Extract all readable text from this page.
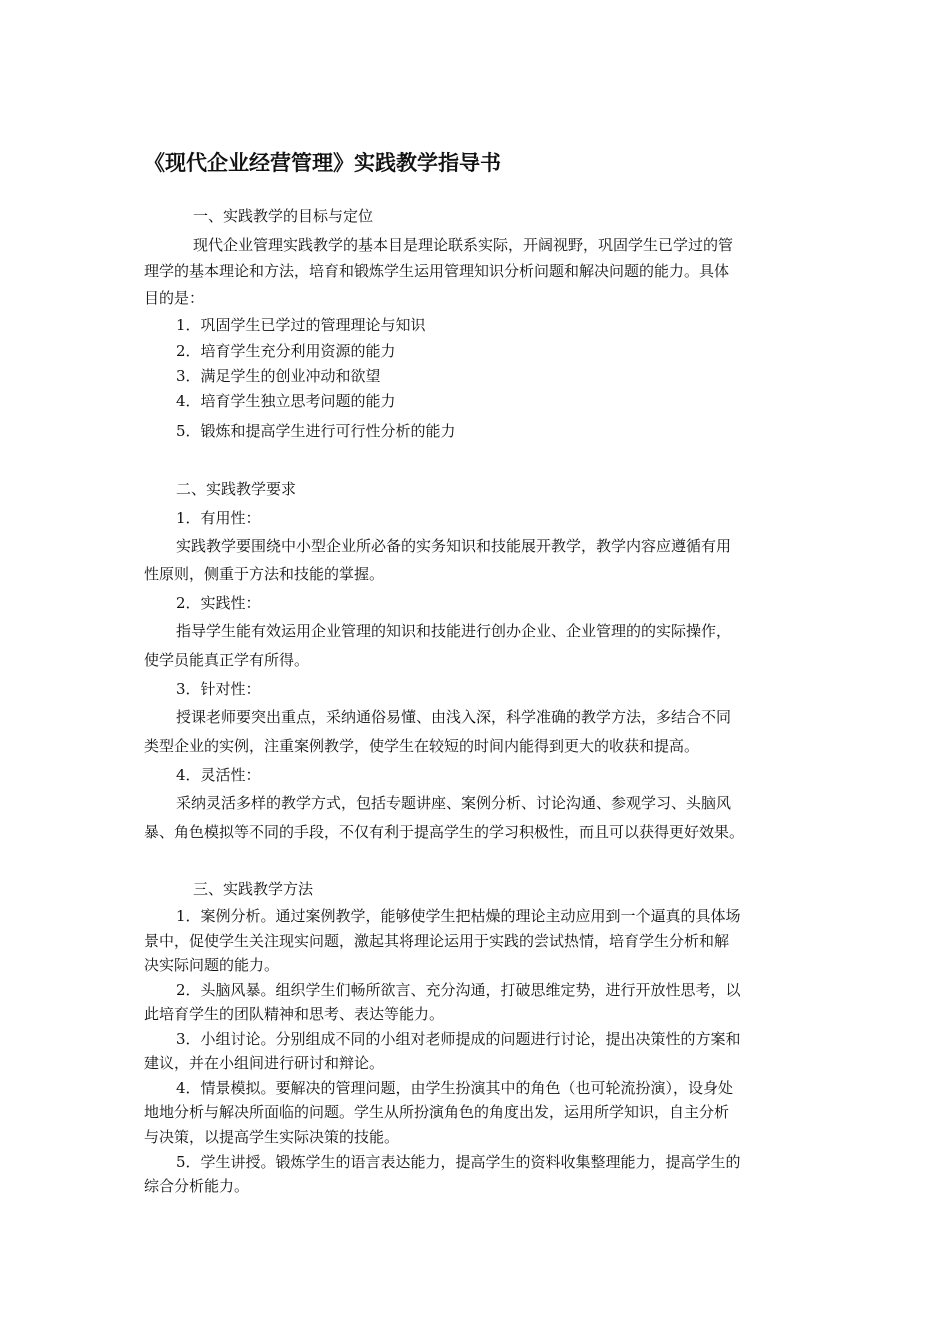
《现代企业经营管理》实践教学指导书
一、实践教学的目标与定位
现代企业管理实践教学的基本目是理论联系实际，开阔视野，巩固学生已学过的管
理学的基本理论和方法，培育和锻炼学生运用管理知识分析问题和解决问题的能力。具体
目的是：
1．巩固学生已学过的管理理论与知识
2．培育学生充分利用资源的能力
3．满足学生的创业冲动和欲望
4．培育学生独立思考问题的能力
5．锻炼和提高学生进行可行性分析的能力
二、实践教学要求
1．有用性：
实践教学要围绕中小型企业所必备的实务知识和技能展开教学，教学内容应遵循有用
性原则，侧重于方法和技能的掌握。
2．实践性：
指导学生能有效运用企业管理的知识和技能进行创办企业、企业管理的的实际操作，
使学员能真正学有所得。
3．针对性：
授课老师要突出重点，采纳通俗易懂、由浅入深，科学准确的教学方法，多结合不同
类型企业的实例，注重案例教学，使学生在较短的时间内能得到更大的收获和提高。
4．灵活性：
采纳灵活多样的教学方式，包括专题讲座、案例分析、讨论沟通、参观学习、头脑风
暴、角色模拟等不同的手段，不仅有利于提高学生的学习积极性，而且可以获得更好效果。
三、实践教学方法
1．案例分析。通过案例教学，能够使学生把枯燥的理论主动应用到一个逼真的具体场
景中，促使学生关注现实问题，激起其将理论运用于实践的尝试热情，培育学生分析和解
决实际问题的能力。
2．头脑风暴。组织学生们畅所欲言、充分沟通，打破思维定势，进行开放性思考，以
此培育学生的团队精神和思考、表达等能力。
3．小组讨论。分别组成不同的小组对老师提成的问题进行讨论，提出决策性的方案和
建议，并在小组间进行研讨和辩论。
4．情景模拟。要解决的管理问题，由学生扮演其中的角色（也可轮流扮演），设身处
地地分析与解决所面临的问题。学生从所扮演角色的角度出发，运用所学知识，自主分析
与决策，以提高学生实际决策的技能。
5．学生讲授。锻炼学生的语言表达能力，提高学生的资料收集整理能力，提高学生的
综合分析能力。
